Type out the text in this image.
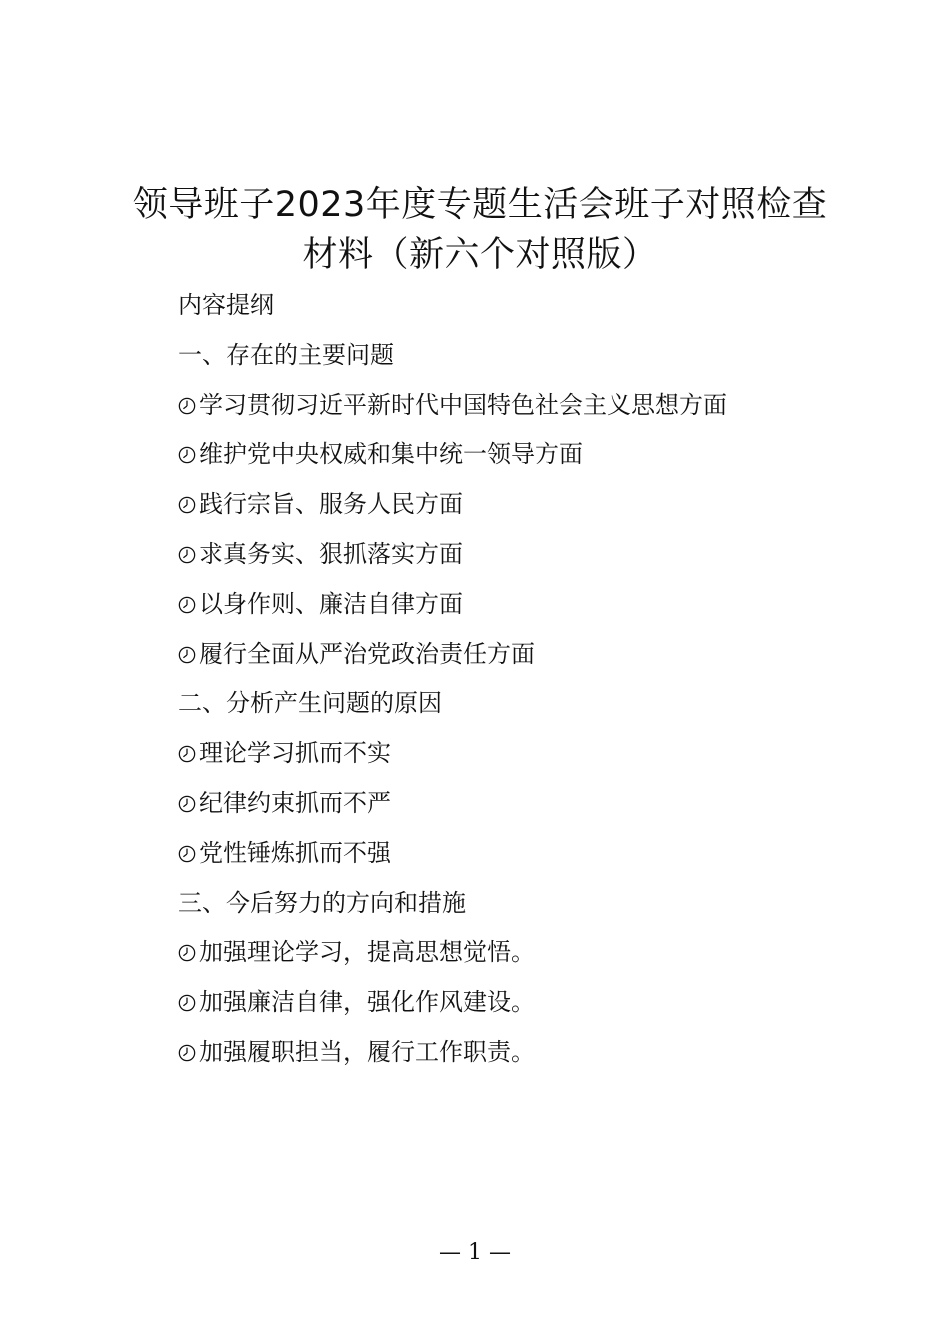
领导班子2023年度专题生活会班子对照检查
材料（新六个对照版）
内容提纲
一、存在的主要问题
学习贯彻习近平新时代中国特色社会主义思想方面
维护党中央权威和集中统一领导方面
践行宗旨、服务人民方面
求真务实、狠抓落实方面
以身作则、廉洁自律方面
履行全面从严治党政治责任方面
二、分析产生问题的原因
理论学习抓而不实
纪律约束抓而不严
党性锤炼抓而不强
三、今后努力的方向和措施
加强理论学习，提高思想觉悟。
加强廉洁自律，强化作风建设。
加强履职担当，履行工作职责。
— 1 —
